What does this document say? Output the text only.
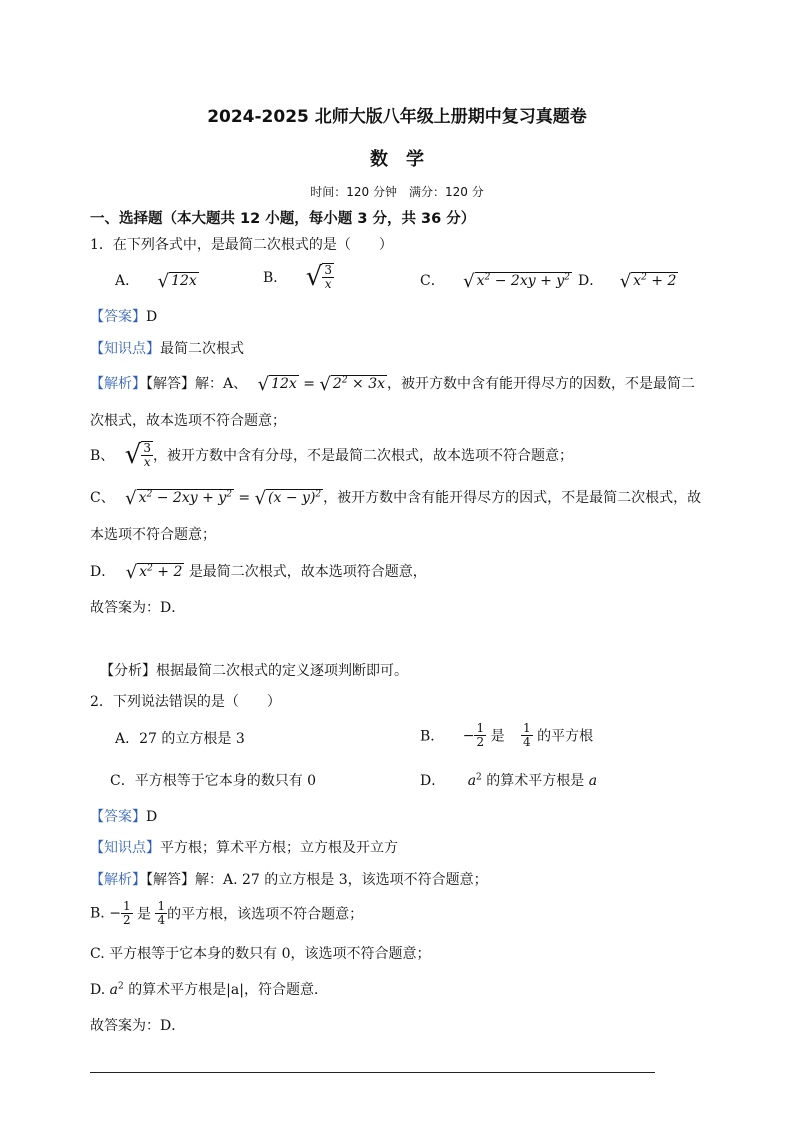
2024-2025 北师大版八年级上册期中复习真题卷
数　学
时间：120 分钟　满分：120 分
一、选择题（本大题共 12 小题，每小题 3 分，共 36 分）
1．在下列各式中，是最简二次根式的是（　　）
A． √ 12x	B． √ $\frac{3}{x}$	C． √ $x^2 - 2xy + y^2$ D． √ $x^2 + 2$
【答案】D
【知识点】最简二次根式
【解析】【解答】解：A、 √ 12x = √ $2^2 \times 3x$ ，被开方数中含有能开得尽方的因数，不是最简二
次根式，故本选项不符合题意；
B、 √ $\frac{3}{x}$ ，被开方数中含有分母，不是最简二次根式，故本选项不符合题意；
C、 √ $x^2 - 2xy + y^2$ = √ $(x - y)^2$ ，被开方数中含有能开得尽方的因式，不是最简二次根式，故
本选项不符合题意；
D． √ $x^2 + 2$ 是最简二次根式，故本选项符合题意，
故答案为：D．
【分析】根据最简二次根式的定义逐项判断即可。
2．下列说法错误的是（　　）
A．27 的立方根是 3	B． − $\frac{1}{2}$ 是 $\frac{1}{4}$ 的平方根
C．平方根等于它本身的数只有 0	D． $a^2$ 的算术平方根是 a
【答案】D
【知识点】平方根；算术平方根；立方根及开立方
【解析】【解答】解：A. 27 的立方根是 3，该选项不符合题意；
B. − $\frac{1}{2}$ 是 $\frac{1}{4}$ 的平方根，该选项不符合题意；
C. 平方根等于它本身的数只有 0，该选项不符合题意；
D. $a^2$ 的算术平方根是|a|，符合题意．
故答案为：D．
